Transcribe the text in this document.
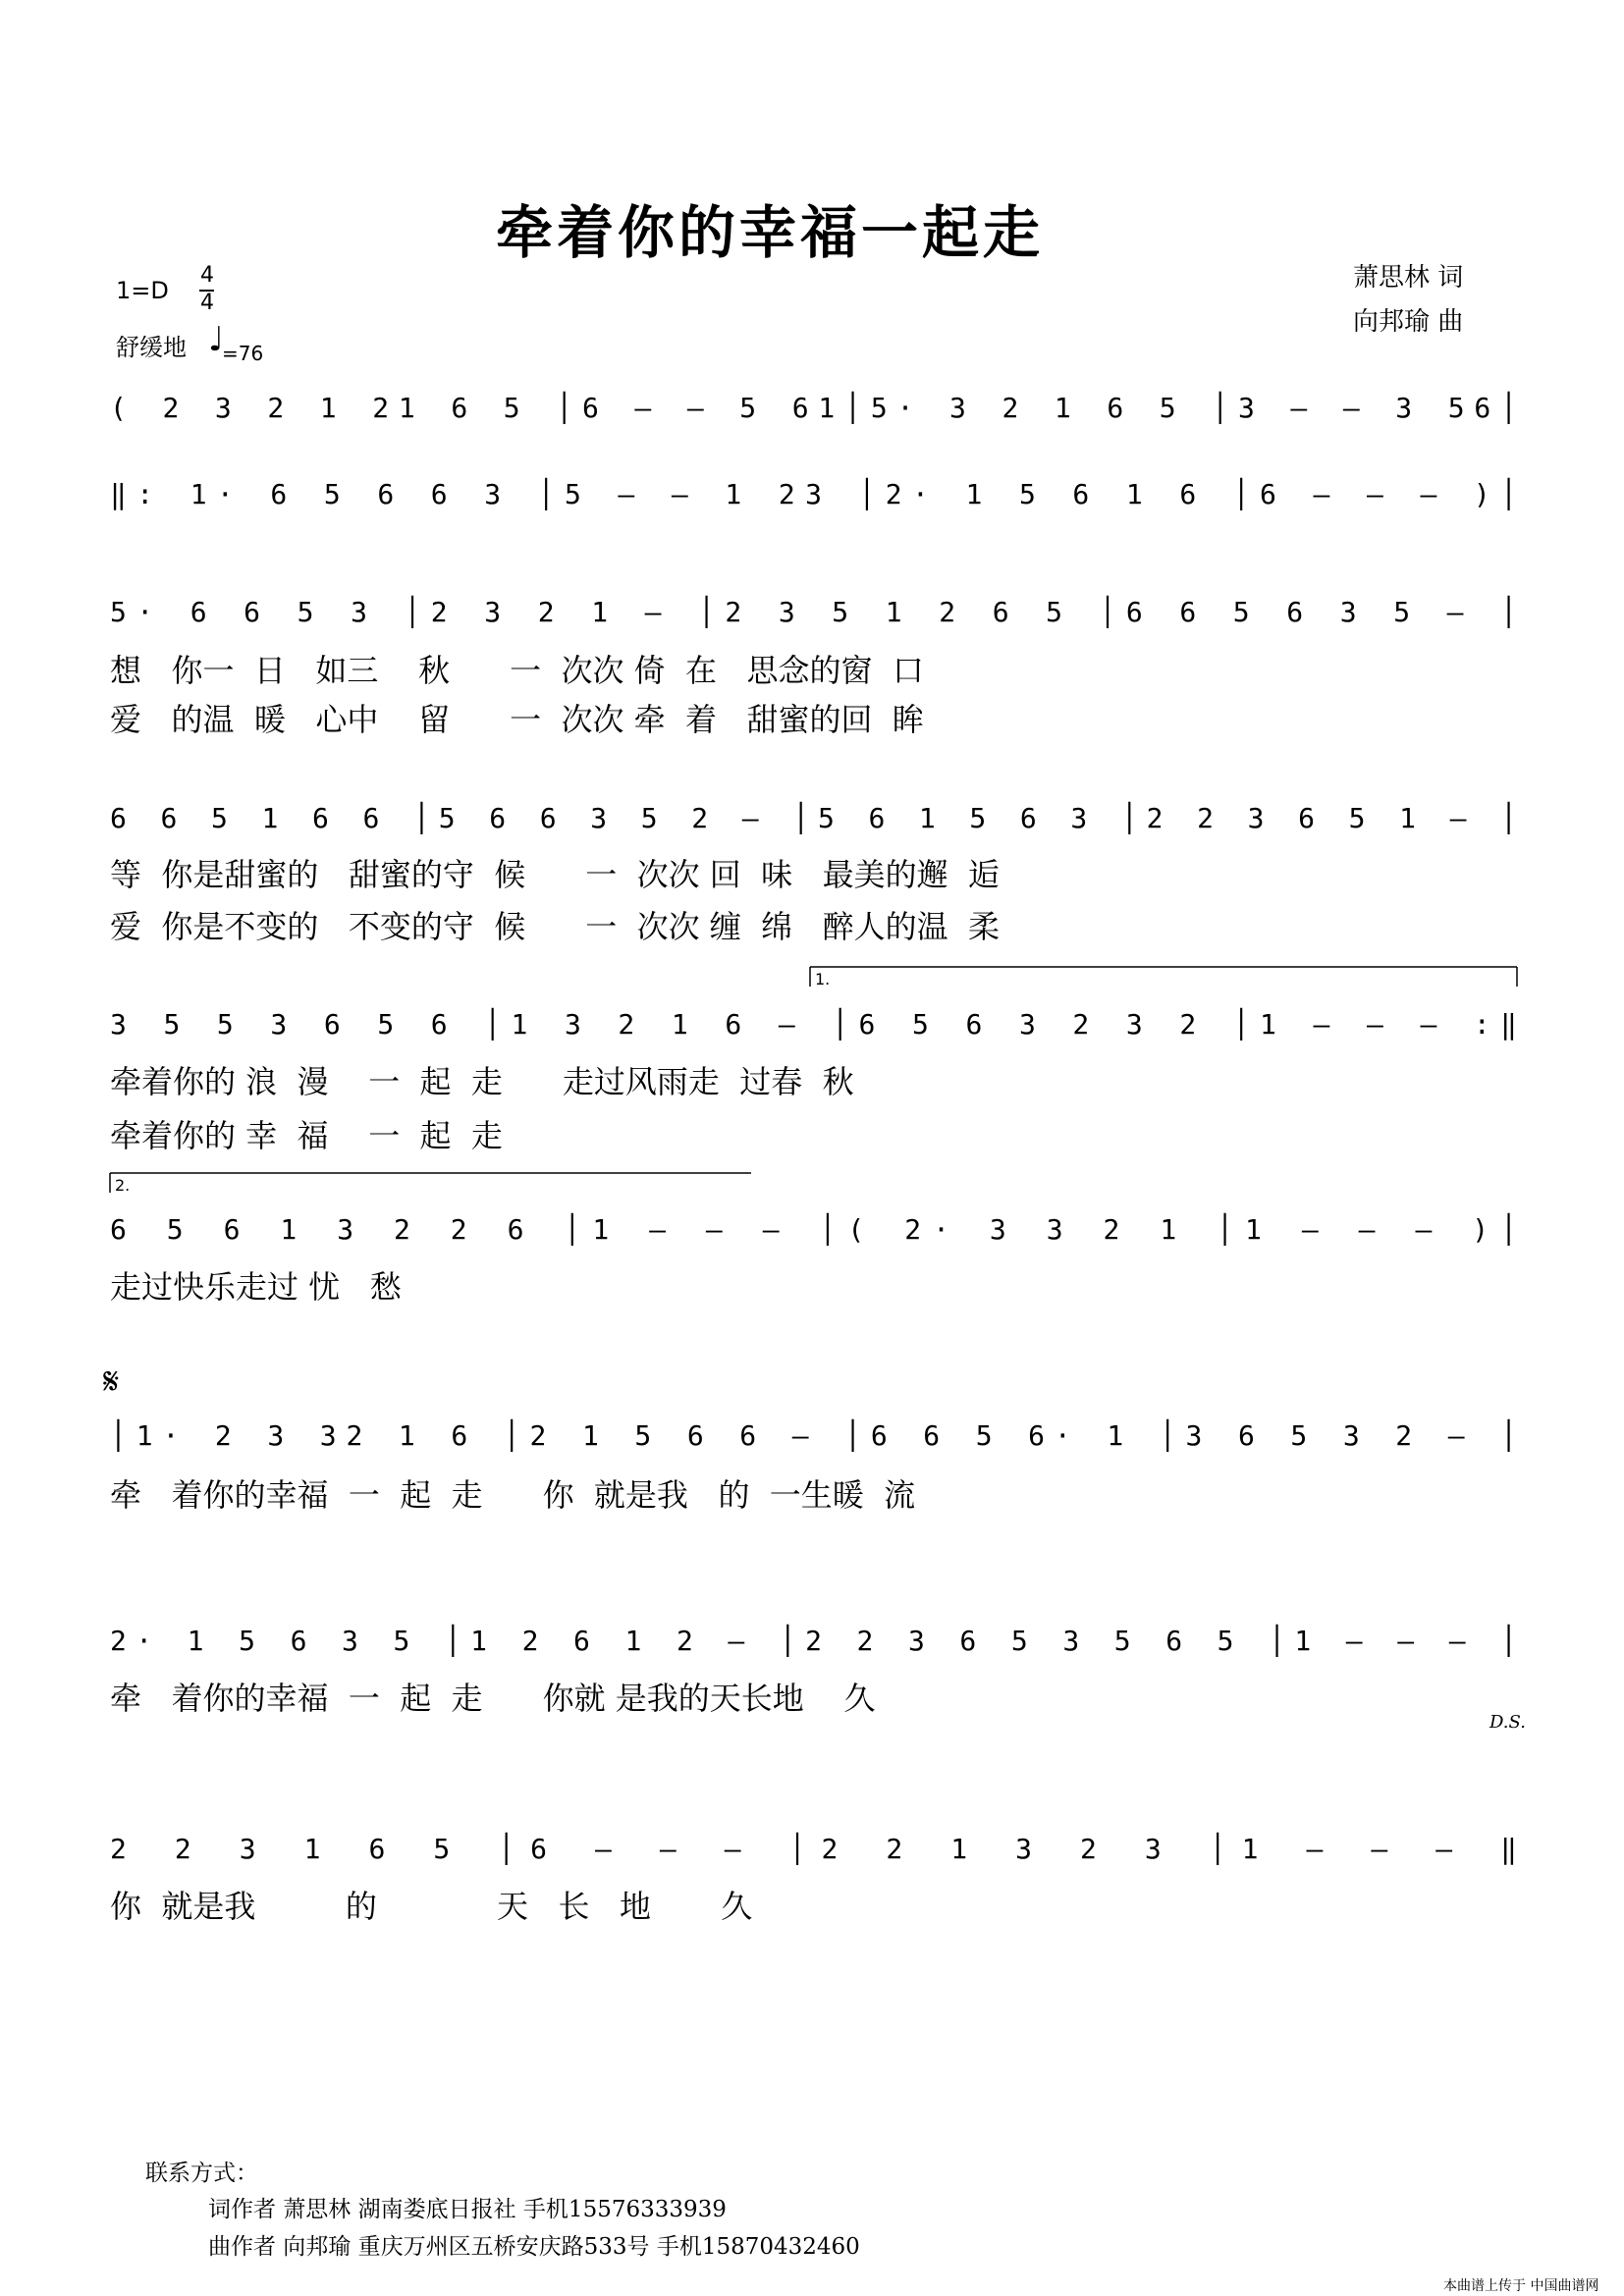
牵着你的幸福一起走
萧思林 词
向邦瑜 曲
1=D
4
4
舒缓地 ♩
=76
( 2 3 2 1 21 6 5 │6 – – 5 61│5· 3 2 1 6 5 │3 – – 3 56│
‖: 1· 6 5 6 6 3 │5 – – 1 23 │2· 1 5 6 1 6 │6 – – – )│
5· 6 6 5 3 │2 3 2 1 – │2 3 5 1 2 6 5 │6 6 5 6 3 5 – │
想   你一  日   如三    秋      一  次次 倚  在   思念的窗  口
爱   的温  暖   心中    留      一  次次 牵  着   甜蜜的回  眸
6 6 5 1 6 6 │5 6 6 3 5 2 – │5 6 1 5 6 3 │2 2 3 6 5 1 – │
等  你是甜蜜的   甜蜜的守  候      一  次次 回  味   最美的邂  逅
爱  你是不变的   不变的守  候      一  次次 缠  绵   醉人的温  柔
3 5 5 3 6 5 6 │1 3 2 1 6 – │6 5 6 3 2 3 2 │1 – – – :‖
牵着你的 浪  漫    一  起  走      走过风雨走  过春  秋
牵着你的 幸  福    一  起  走
6 5 6 1 3 2 2 6 │1 – – – │( 2· 3 3 2 1 │1 – – – )│
走过快乐走过 忧   愁
│1· 2 3 32 1 6 │2 1 5 6 6 – │6 6 5 6· 1 │3 6 5 3 2 – │
牵   着你的幸福  一  起  走      你  就是我   的  一生暖  流
2· 1 5 6 3 5 │1 2 6 1 2 – │2 2 3 6 5 3 5 6 5 │1 – – – │
牵   着你的幸福  一  起  走      你就 是我的天长地    久
2 2 3 1 6 5 │6 – – – │2 2 1 3 2 3 │1 – – – ‖
你  就是我         的            天   长   地       久
1.
2.
𝄋
D.S.
联系方式：
词作者 萧思林 湖南娄底日报社 手机15576333939
曲作者 向邦瑜 重庆万州区五桥安庆路533号 手机15870432460
本曲谱上传于 中国曲谱网
